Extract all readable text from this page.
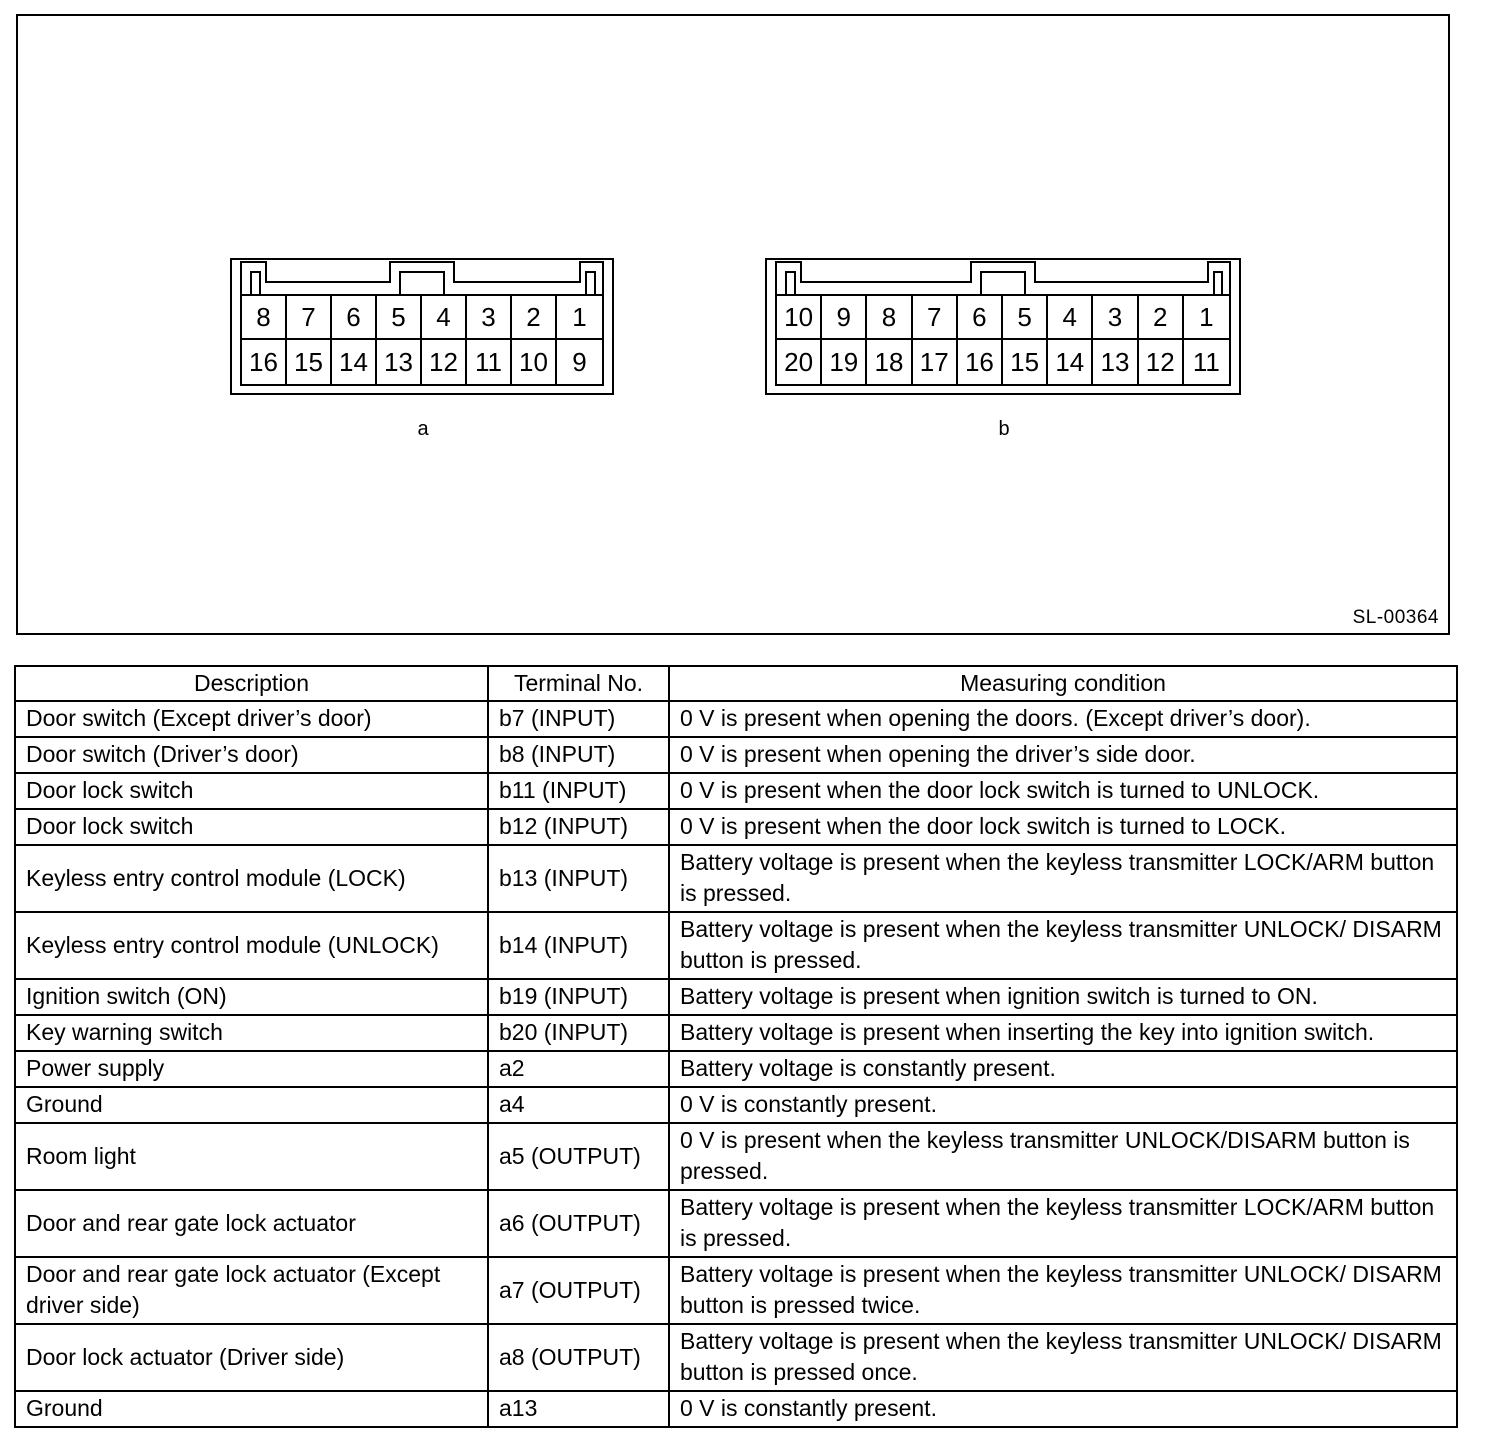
8	7	6	5	4	3	2	1
16 15 14 13 12 11 10 9
a
10 9	8	7	6	5	4	3	2	1
20 19 18 17 16 15 14 13 12 11
b
SL-00364
Description	Terminal No.	Measuring condition
Door switch (Except driver’s door)	b7 (INPUT)	0 V is present when opening the doors. (Except driver’s door).
Door switch (Driver’s door)	b8 (INPUT)	0 V is present when opening the driver’s side door.
Door lock switch	b11 (INPUT)	0 V is present when the door lock switch is turned to UNLOCK.
Door lock switch	b12 (INPUT)	0 V is present when the door lock switch is turned to LOCK.
Keyless entry control module (LOCK)	b13 (INPUT)	Battery voltage is present when the keyless transmitter LOCK/ARM button is pressed.
Keyless entry control module (UNLOCK)	b14 (INPUT)	Battery voltage is present when the keyless transmitter UNLOCK/ DISARM button is pressed.
Ignition switch (ON)	b19 (INPUT)	Battery voltage is present when ignition switch is turned to ON.
Key warning switch	b20 (INPUT)	Battery voltage is present when inserting the key into ignition switch.
Power supply	a2	Battery voltage is constantly present.
Ground	a4	0 V is constantly present.
Room light	a5 (OUTPUT)	0 V is present when the keyless transmitter UNLOCK/DISARM button is pressed.
Door and rear gate lock actuator	a6 (OUTPUT)	Battery voltage is present when the keyless transmitter LOCK/ARM button is pressed.
Door and rear gate lock actuator (Except driver side)	a7 (OUTPUT)	Battery voltage is present when the keyless transmitter UNLOCK/ DISARM button is pressed twice.
Door lock actuator (Driver side)	a8 (OUTPUT)	Battery voltage is present when the keyless transmitter UNLOCK/ DISARM button is pressed once.
Ground	a13	0 V is constantly present.
